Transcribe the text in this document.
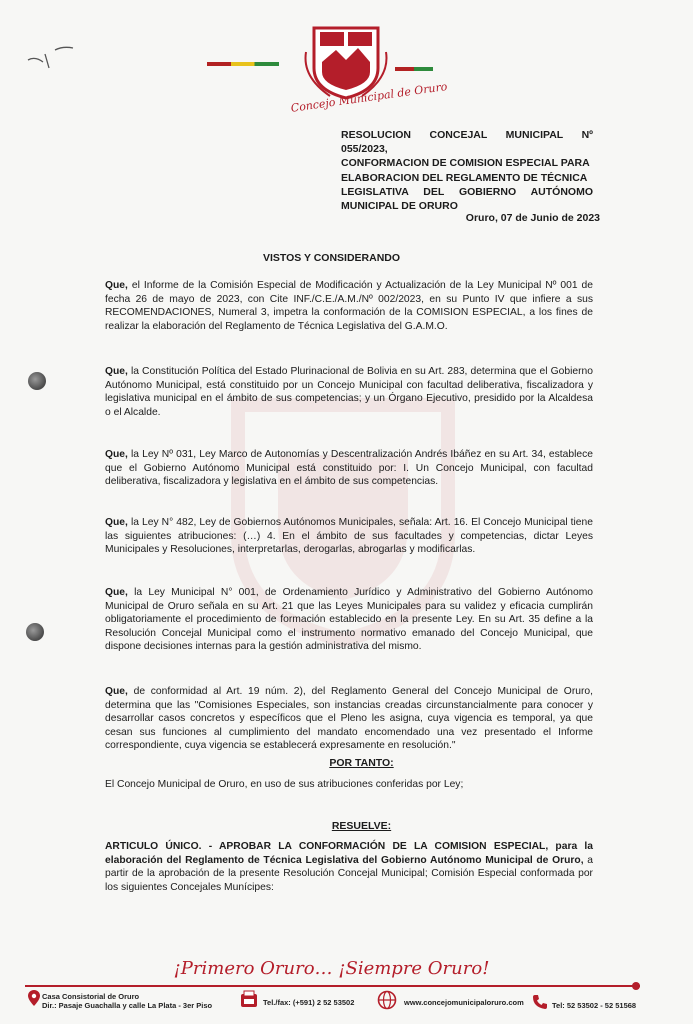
Concejo Municipal de Oruro
RESOLUCION CONCEJAL MUNICIPAL Nº 055/2023,
CONFORMACION DE COMISION ESPECIAL PARA
ELABORACION DEL REGLAMENTO DE TÉCNICA
LEGISLATIVA DEL GOBIERNO AUTÓNOMO
MUNICIPAL DE ORURO
Oruro, 07 de Junio de 2023
VISTOS Y CONSIDERANDO
Que, el Informe de la Comisión Especial de Modificación y Actualización de la Ley Municipal Nº 001 de fecha 26 de mayo de 2023, con Cite INF./C.E./A.M./Nº 002/2023, en su Punto IV que infiere a sus RECOMENDACIONES, Numeral 3, impetra la conformación de la COMISION ESPECIAL, a los fines de realizar la elaboración del Reglamento de Técnica Legislativa del G.A.M.O.
Que, la Constitución Política del Estado Plurinacional de Bolivia en su Art. 283, determina que el Gobierno Autónomo Municipal, está constituido por un Concejo Municipal con facultad deliberativa, fiscalizadora y legislativa municipal en el ámbito de sus competencias; y un Órgano Ejecutivo, presidido por la Alcaldesa o el Alcalde.
Que, la Ley Nº 031, Ley Marco de Autonomías y Descentralización Andrés Ibáñez en su Art. 34, establece que el Gobierno Autónomo Municipal está constituido por: I. Un Concejo Municipal, con facultad deliberativa, fiscalizadora y legislativa en el ámbito de sus competencias.
Que, la Ley N° 482, Ley de Gobiernos Autónomos Municipales, señala: Art. 16. El Concejo Municipal tiene las siguientes atribuciones: (…) 4. En el ámbito de sus facultades y competencias, dictar Leyes Municipales y Resoluciones, interpretarlas, derogarlas, abrogarlas y modificarlas.
Que, la Ley Municipal N° 001, de Ordenamiento Jurídico y Administrativo del Gobierno Autónomo Municipal de Oruro señala en su Art. 21 que las Leyes Municipales para su validez y eficacia cumplirán obligatoriamente el procedimiento de formación establecido en la presente Ley. En su Art. 35 define a la Resolución Concejal Municipal como el instrumento normativo emanado del Concejo Municipal, que dispone decisiones internas para la gestión administrativa del mismo.
Que, de conformidad al Art. 19 núm. 2), del Reglamento General del Concejo Municipal de Oruro, determina que las "Comisiones Especiales, son instancias creadas circunstancialmente para conocer y desarrollar casos concretos y específicos que el Pleno les asigna, cuya vigencia es temporal, ya que cesan sus funciones al cumplimiento del mandato encomendado una vez presentado el Informe correspondiente, cuya vigencia se establecerá expresamente en resolución."
POR TANTO:
El Concejo Municipal de Oruro, en uso de sus atribuciones conferidas por Ley;
RESUELVE:
ARTICULO ÚNICO. - APROBAR LA CONFORMACIÓN DE LA COMISION ESPECIAL, para la elaboración del Reglamento de Técnica Legislativa del Gobierno Autónomo Municipal de Oruro, a partir de la aprobación de la presente Resolución Concejal Municipal; Comisión Especial conformada por los siguientes Concejales Munícipes:
¡Primero Oruro… ¡Siempre Oruro!
Casa Consistorial de Oruro
Dir.: Pasaje Guachalla y calle La Plata - 3er Piso	Tel./fax: (+591) 2 52 53502	www.concejomunicipaloruro.com	Tel: 52 53502 - 52 51568
